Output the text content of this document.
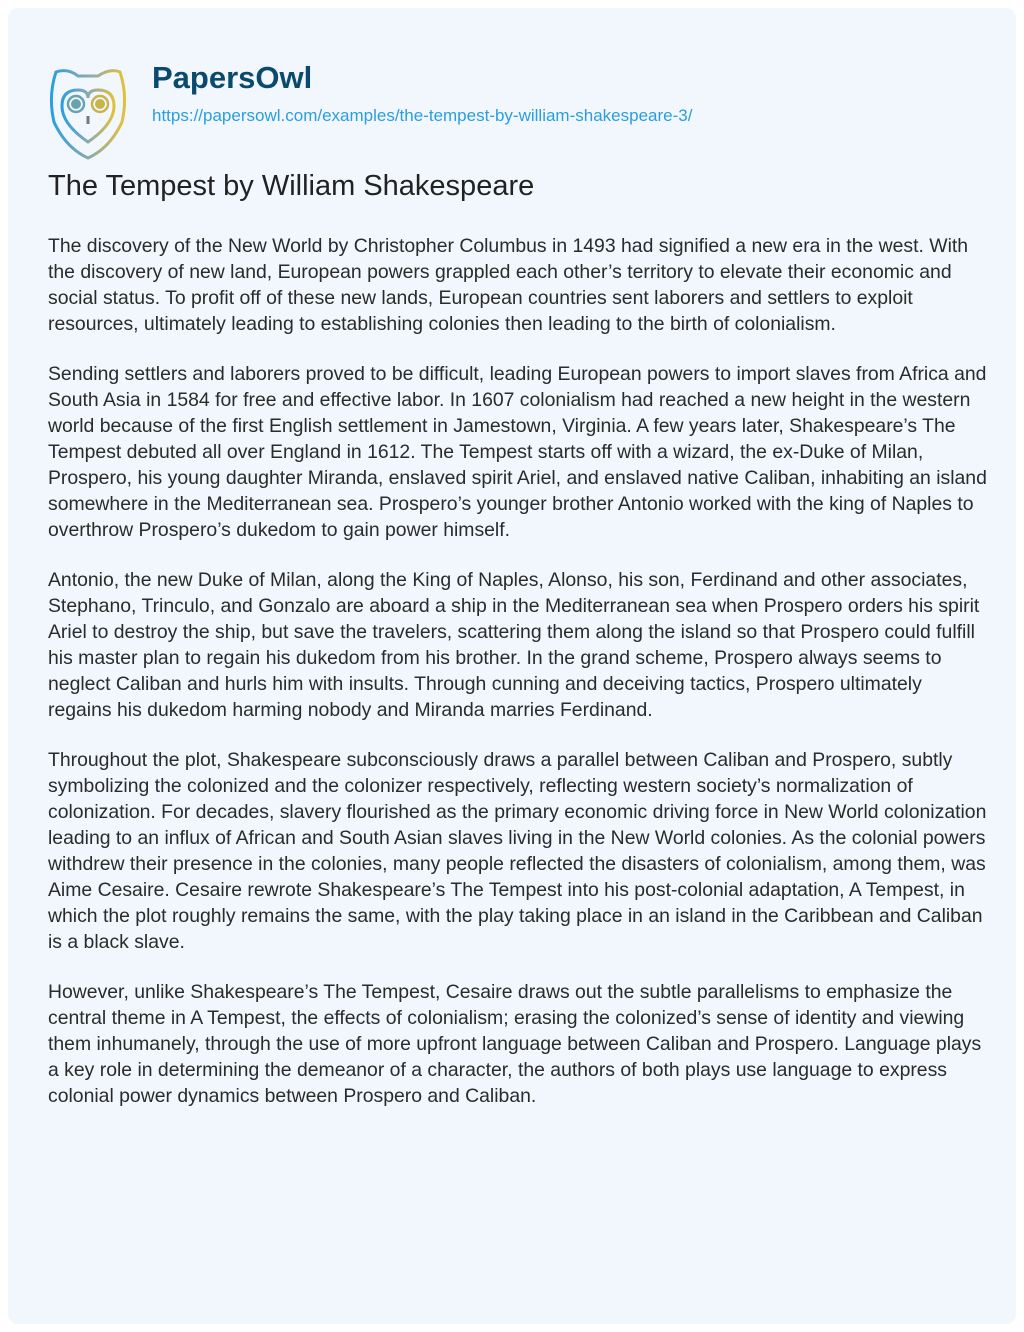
PapersOwl
https://papersowl.com/examples/the-tempest-by-william-shakespeare-3/
The Tempest by William Shakespeare

The discovery of the New World by Christopher Columbus in 1493 had signified a new era in the west. With the discovery of new land, European powers grappled each other’s territory to elevate their economic and social status. To profit off of these new lands, European countries sent laborers and settlers to exploit resources, ultimately leading to establishing colonies then leading to the birth of colonialism.

Sending settlers and laborers proved to be difficult, leading European powers to import slaves from Africa and South Asia in 1584 for free and effective labor. In 1607 colonialism had reached a new height in the western world because of the first English settlement in Jamestown, Virginia. A few years later, Shakespeare’s The Tempest debuted all over England in 1612. The Tempest starts off with a wizard, the ex-Duke of Milan, Prospero, his young daughter Miranda, enslaved spirit Ariel, and enslaved native Caliban, inhabiting an island somewhere in the Mediterranean sea. Prospero’s younger brother Antonio worked with the king of Naples to overthrow Prospero’s dukedom to gain power himself.

Antonio, the new Duke of Milan, along the King of Naples, Alonso, his son, Ferdinand and other associates, Stephano, Trinculo, and Gonzalo are aboard a ship in the Mediterranean sea when Prospero orders his spirit Ariel to destroy the ship, but save the travelers, scattering them along the island so that Prospero could fulfill his master plan to regain his dukedom from his brother. In the grand scheme, Prospero always seems to neglect Caliban and hurls him with insults. Through cunning and deceiving tactics, Prospero ultimately regains his dukedom harming nobody and Miranda marries Ferdinand.

Throughout the plot, Shakespeare subconsciously draws a parallel between Caliban and Prospero, subtly symbolizing the colonized and the colonizer respectively, reflecting western society’s normalization of colonization. For decades, slavery flourished as the primary economic driving force in New World colonization leading to an influx of African and South Asian slaves living in the New World colonies. As the colonial powers withdrew their presence in the colonies, many people reflected the disasters of colonialism, among them, was Aime Cesaire. Cesaire rewrote Shakespeare’s The Tempest into his post-colonial adaptation, A Tempest, in which the plot roughly remains the same, with the play taking place in an island in the Caribbean and Caliban is a black slave.

However, unlike Shakespeare’s The Tempest, Cesaire draws out the subtle parallelisms to emphasize the central theme in A Tempest, the effects of colonialism; erasing the colonized’s sense of identity and viewing them inhumanely, through the use of more upfront language between Caliban and Prospero. Language plays a key role in determining the demeanor of a character, the authors of both plays use language to express colonial power dynamics between Prospero and Caliban.
